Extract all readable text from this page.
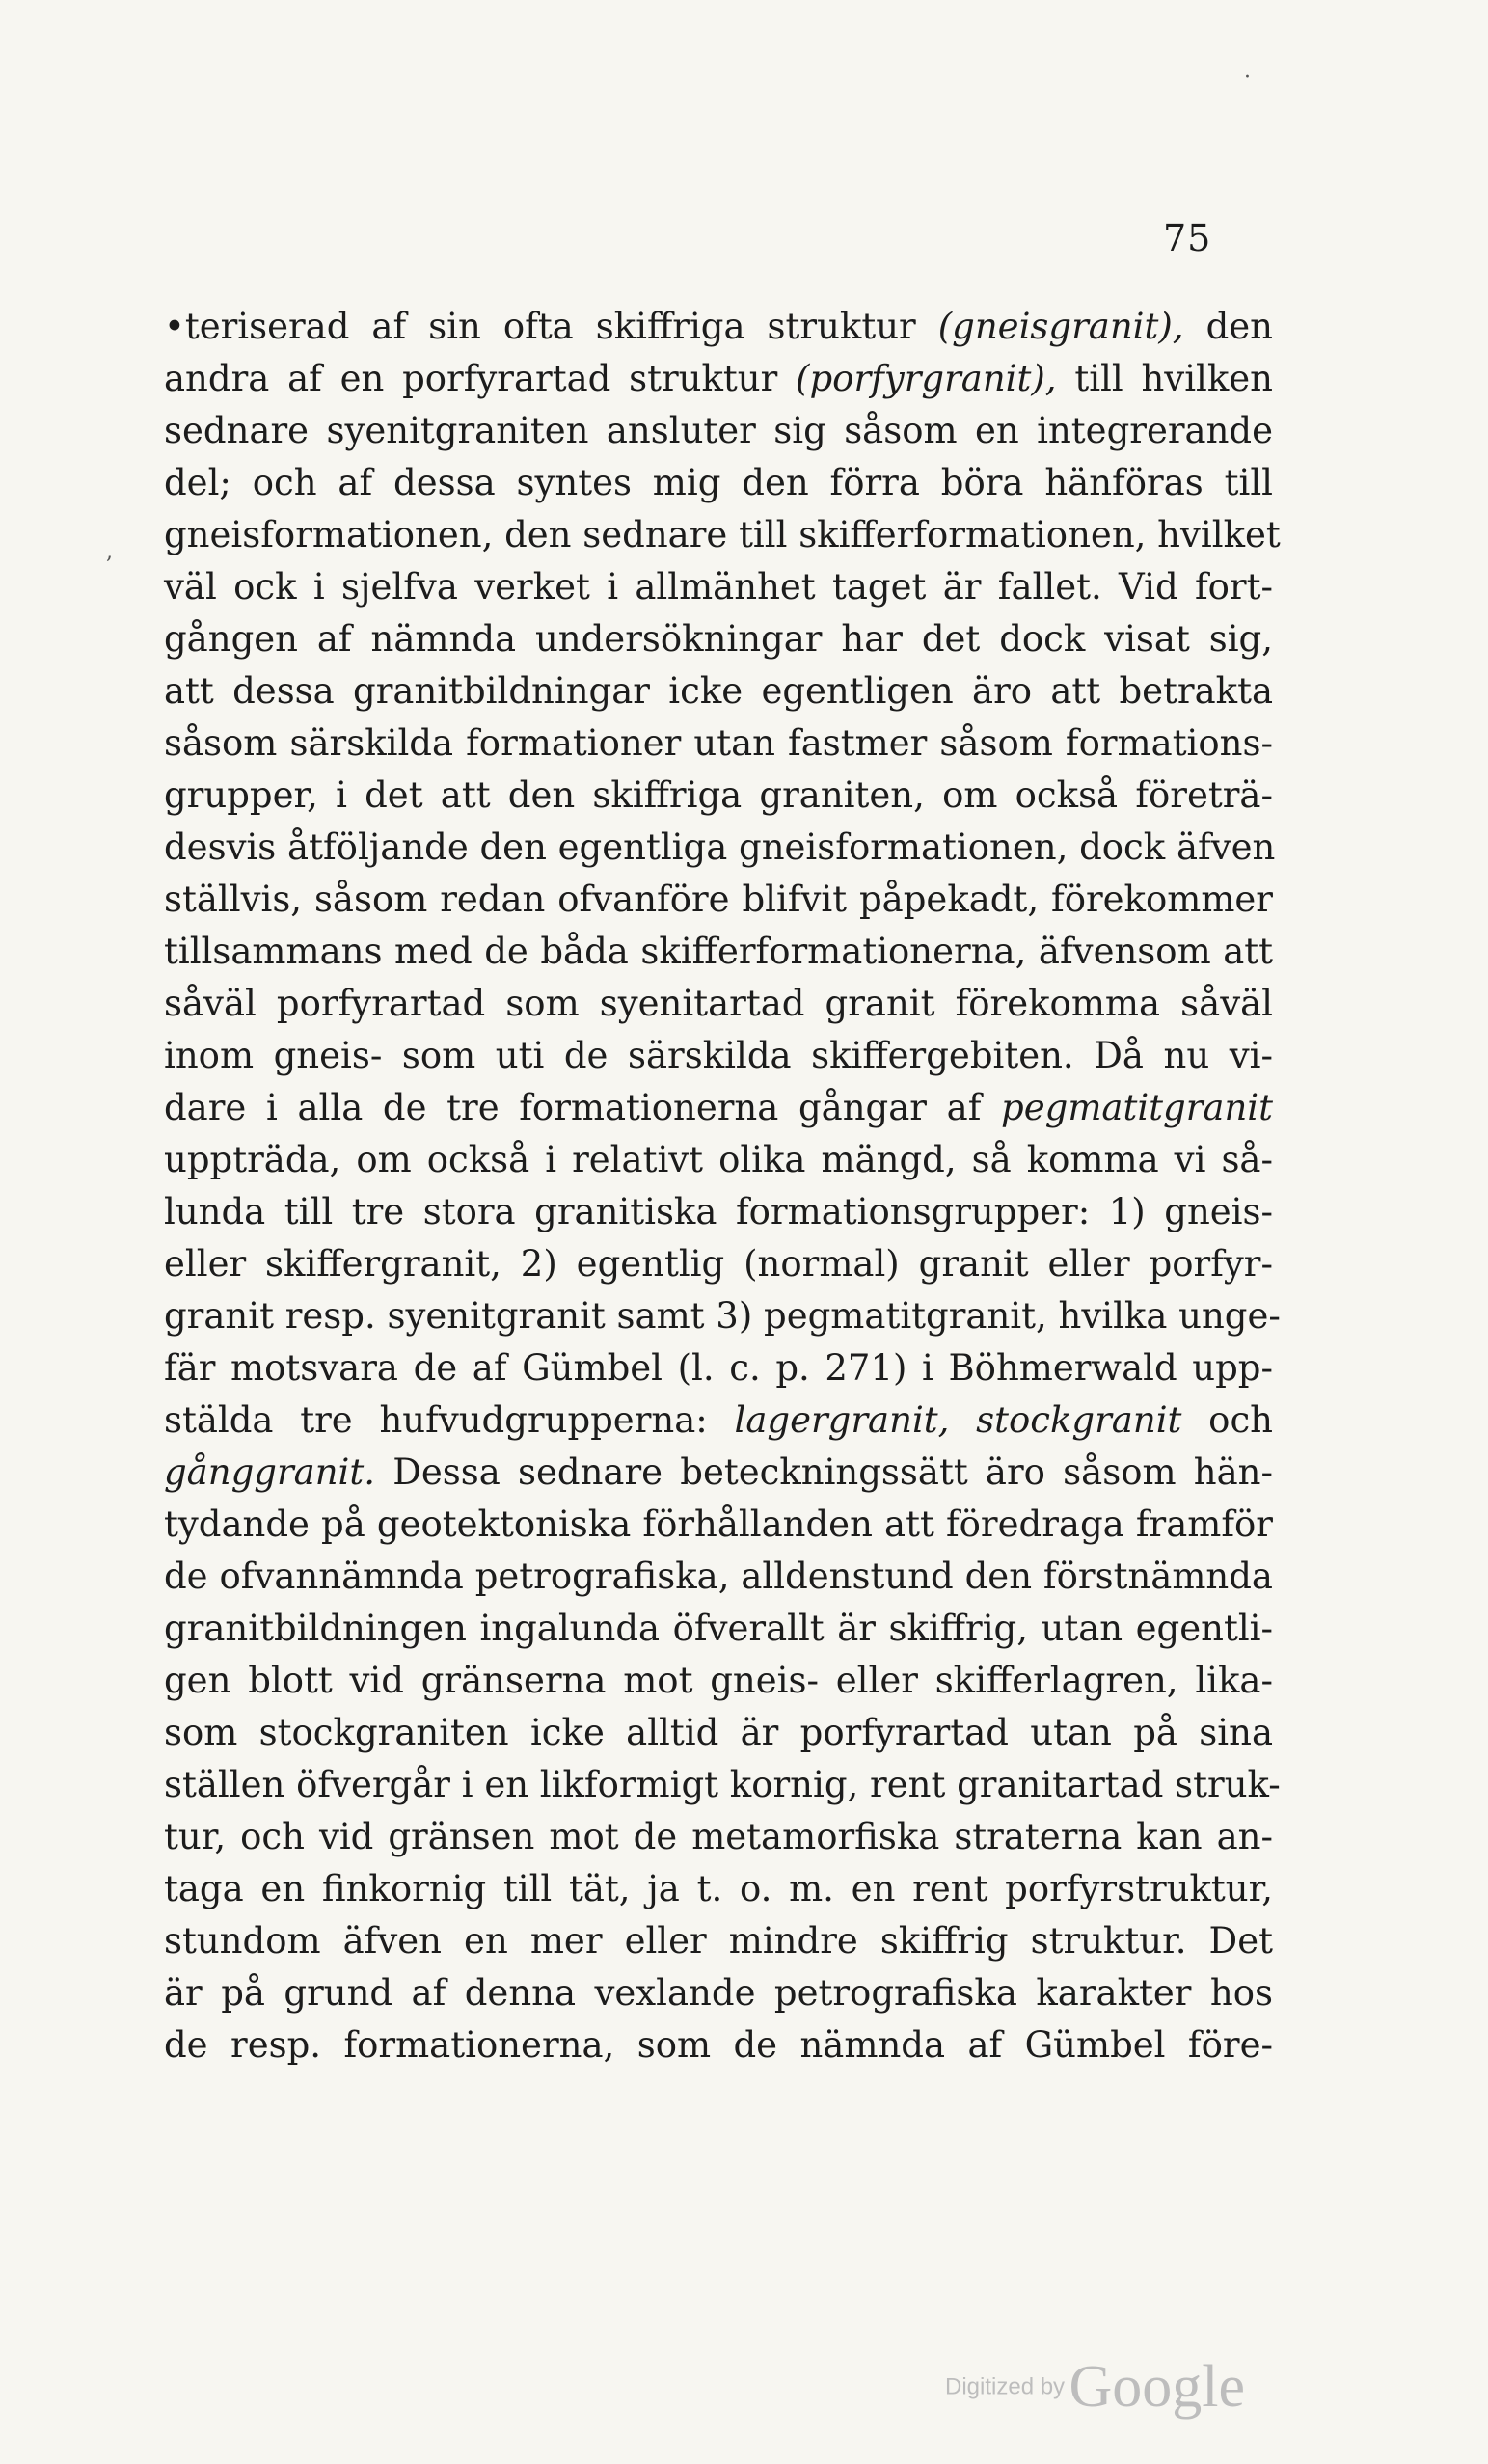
75
,
·
•teriserad af sin ofta skiffriga struktur (gneisgranit), den
andra af en porfyrartad struktur (porfyrgranit), till hvilken
sednare syenitgraniten ansluter sig såsom en integrerande
del; och af dessa syntes mig den förra böra hänföras till
gneisformationen, den sednare till skifferformationen, hvilket
väl ock i sjelfva verket i allmänhet taget är fallet. Vid fort-
gången af nämnda undersökningar har det dock visat sig,
att dessa granitbildningar icke egentligen äro att betrakta
såsom särskilda formationer utan fastmer såsom formations-
grupper, i det att den skiffriga graniten, om också företrä-
desvis åtföljande den egentliga gneisformationen, dock äfven
ställvis, såsom redan ofvanföre blifvit påpekadt, förekommer
tillsammans med de båda skifferformationerna, äfvensom att
såväl porfyrartad som syenitartad granit förekomma såväl
inom gneis- som uti de särskilda skiffergebiten. Då nu vi-
dare i alla de tre formationerna gångar af pegmatitgranit
uppträda, om också i relativt olika mängd, så komma vi så-
lunda till tre stora granitiska formationsgrupper: 1) gneis-
eller skiffergranit, 2) egentlig (normal) granit eller porfyr-
granit resp. syenitgranit samt 3) pegmatitgranit, hvilka unge-
fär motsvara de af Gümbel (l. c. p. 271) i Böhmerwald upp-
stälda tre hufvudgrupperna: lagergranit, stockgranit och
gånggranit. Dessa sednare beteckningssätt äro såsom hän-
tydande på geotektoniska förhållanden att föredraga framför
de ofvannämnda petrografiska, alldenstund den förstnämnda
granitbildningen ingalunda öfverallt är skiffrig, utan egentli-
gen blott vid gränserna mot gneis- eller skifferlagren, lika-
som stockgraniten icke alltid är porfyrartad utan på sina
ställen öfvergår i en likformigt kornig, rent granitartad struk-
tur, och vid gränsen mot de metamorfiska straterna kan an-
taga en finkornig till tät, ja t. o. m. en rent porfyrstruktur,
stundom äfven en mer eller mindre skiffrig struktur. Det
är på grund af denna vexlande petrografiska karakter hos
de resp. formationerna, som de nämnda af Gümbel före-
Digitized by Google
